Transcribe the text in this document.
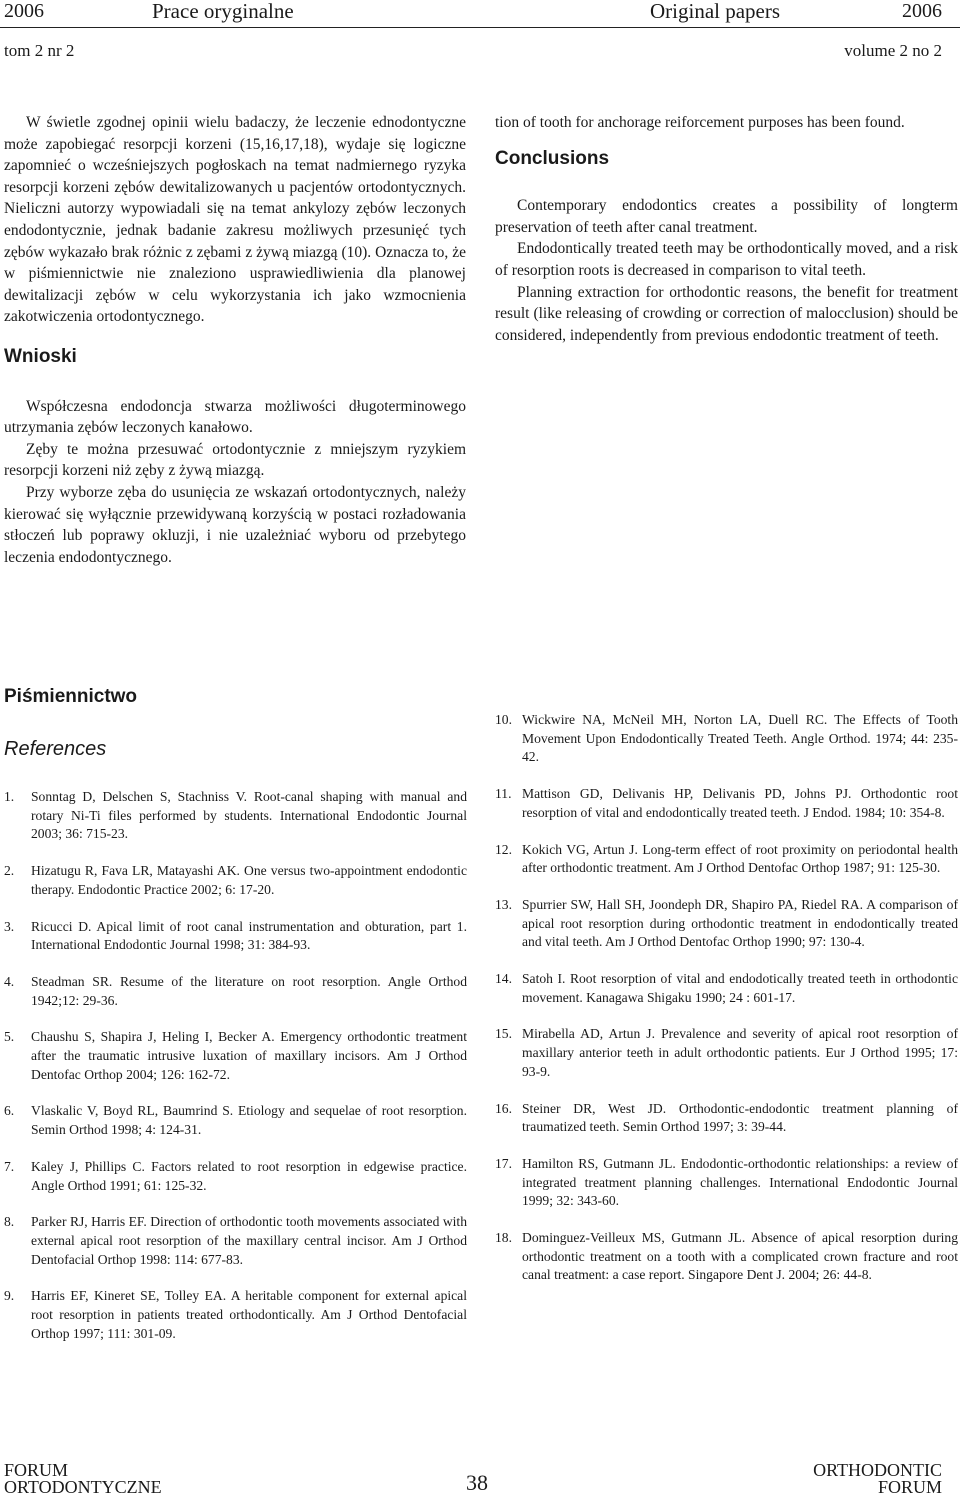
2006	Prace oryginalne	Original papers	2006
tom 2 nr 2	volume 2 no 2

W świetle zgodnej opinii wielu badaczy, że leczenie ednodontyczne może zapobiegać resorpcji korzeni (15,16,17,18), wydaje się logiczne zapomnieć o wcześniejszych pogłoskach na temat nadmiernego ryzyka resorpcji korzeni zębów dewitalizowanych u pacjentów ortodontycznych. Nieliczni autorzy wypowiadali się na temat ankylozy zębów leczonych endodontycznie, jednak badanie zakresu możliwych przesunięć tych zębów wykazało brak różnic z zębami z żywą miazgą (10). Oznacza to, że w piśmiennictwie nie znaleziono usprawiedliwienia dla planowej dewitalizacji zębów w celu wykorzystania ich jako wzmocnienia zakotwiczenia ortodontycznego.

Wnioski

Współczesna endodoncja stwarza możliwości długoterminowego utrzymania zębów leczonych kanałowo.

Zęby te można przesuwać ortodontycznie z mniejszym ryzykiem resorpcji korzeni niż zęby z żywą miazgą.

Przy wyborze zęba do usunięcia ze wskazań ortodontycznych, należy kierować się wyłącznie przewidywaną korzyścią w postaci rozładowania stłoczeń lub poprawy okluzji, i nie uzależniać wyboru od przebytego leczenia endodontycznego.

tion of tooth for anchorage reiforcement purposes has been found.

Conclusions

Contemporary endodontics creates a possibility of longterm preservation of teeth after canal treatment.

Endodontically treated teeth may be orthodontically moved, and a risk of resorption roots is decreased in comparison to vital teeth.

Planning extraction for orthodontic reasons, the benefit for treatment result (like releasing of crowding or correction of malocclusion) should be considered, independently from previous endodontic treatment of teeth.

Piśmiennictwo
References
1.	Sonntag D, Delschen S, Stachniss V. Root-canal shaping with manual and rotary Ni-Ti files performed by students. International Endodontic Journal 2003; 36: 715-23.
2.	Hizatugu R, Fava LR, Matayashi AK. One versus two-appointment endodontic therapy. Endodontic Practice 2002; 6: 17-20.
3.	Ricucci D. Apical limit of root canal instrumentation and obturation, part 1. International Endodontic Journal 1998; 31: 384-93.
4.	Steadman SR. Resume of the literature on root resorption. Angle Orthod 1942;12: 29-36.
5.	Chaushu S, Shapira J, Heling I, Becker A. Emergency orthodontic treatment after the traumatic intrusive luxation of maxillary incisors. Am J Orthod Dentofac Orthop 2004; 126: 162-72.
6.	Vlaskalic V, Boyd RL, Baumrind S. Etiology and sequelae of root resorption. Semin Orthod 1998; 4: 124-31.
7.	Kaley J, Phillips C. Factors related to root resorption in edgewise practice. Angle Orthod 1991; 61: 125-32.
8.	Parker RJ, Harris EF. Direction of orthodontic tooth movements associated with external apical root resorption of the maxillary central incisor. Am J Orthod Dentofacial Orthop 1998: 114: 677-83.
9.	Harris EF, Kineret SE, Tolley EA. A heritable component for external apical root resorption in patients treated orthodontically. Am J Orthod Dentofacial Orthop 1997; 111: 301-09.
10. Wickwire NA, McNeil MH, Norton LA, Duell RC. The Effects of Tooth Movement Upon Endodontically Treated Teeth. Angle Orthod. 1974; 44: 235-42.
11. Mattison GD, Delivanis HP, Delivanis PD, Johns PJ. Orthodontic root resorption of vital and endodontically treated teeth. J Endod. 1984; 10: 354-8.
12. Kokich VG, Artun J. Long-term effect of root proximity on periodontal health after orthodontic treatment. Am J Orthod Dentofac Orthop 1987; 91: 125-30.
13. Spurrier SW, Hall SH, Joondeph DR, Shapiro PA, Riedel RA. A comparison of apical root resorption during orthodontic treatment in endodontically treated and vital teeth. Am J Orthod Dentofac Orthop 1990; 97: 130-4.
14. Satoh I. Root resorption of vital and endodotically treated teeth in orthodontic movement. Kanagawa Shigaku 1990; 24 : 601-17.
15. Mirabella AD, Artun J. Prevalence and severity of apical root resorption of maxillary anterior teeth in adult orthodontic patients. Eur J Orthod 1995; 17: 93-9.
16. Steiner DR, West JD. Orthodontic-endodontic treatment planning of traumatized teeth. Semin Orthod 1997; 3: 39-44.
17. Hamilton RS, Gutmann JL. Endodontic-orthodontic relationships: a review of integrated treatment planning challenges. International Endodontic Journal 1999; 32: 343-60.
18. Dominguez-Veilleux MS, Gutmann JL. Absence of apical resorption during orthodontic treatment on a tooth with a complicated crown fracture and root canal treatment: a case report. Singapore Dent J. 2004; 26: 44-8.
FORUM
ORTODONTYCZNE	38	ORTHODONTIC
FORUM
